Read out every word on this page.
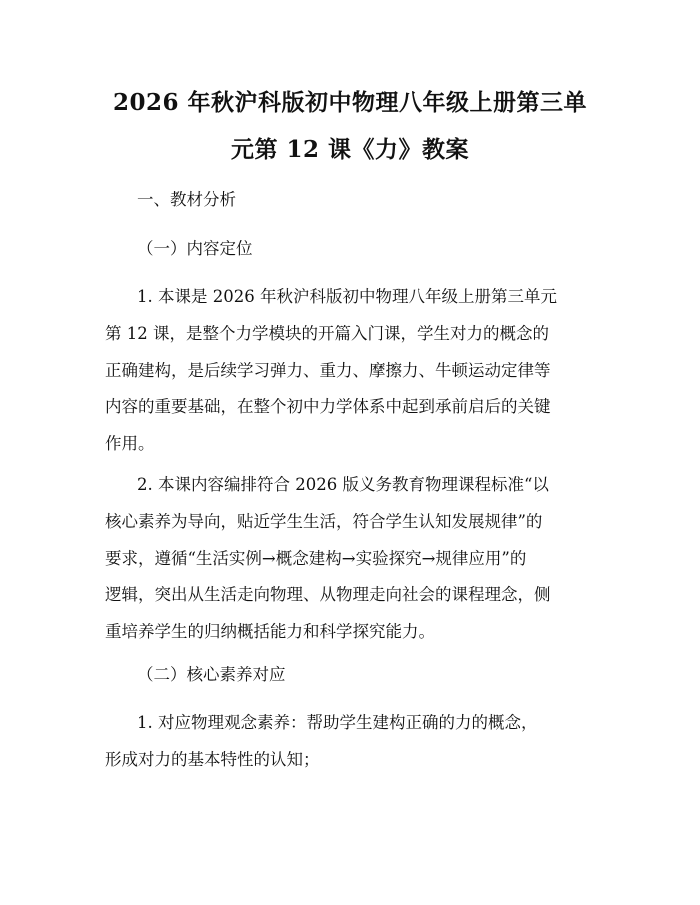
2026 年秋沪科版初中物理八年级上册第三单
元第 12 课《力》教案

一、教材分析

（一）内容定位

1. 本课是 2026 年秋沪科版初中物理八年级上册第三单元
第 12 课，是整个力学模块的开篇入门课，学生对力的概念的
正确建构，是后续学习弹力、重力、摩擦力、牛顿运动定律等
内容的重要基础，在整个初中力学体系中起到承前启后的关键
作用。
2. 本课内容编排符合 2026 版义务教育物理课程标准“以
核心素养为导向，贴近学生生活，符合学生认知发展规律”的
要求，遵循“生活实例→概念建构→实验探究→规律应用”的
逻辑，突出从生活走向物理、从物理走向社会的课程理念，侧
重培养学生的归纳概括能力和科学探究能力。

（二）核心素养对应

1. 对应物理观念素养：帮助学生建构正确的力的概念，
形成对力的基本特性的认知；
